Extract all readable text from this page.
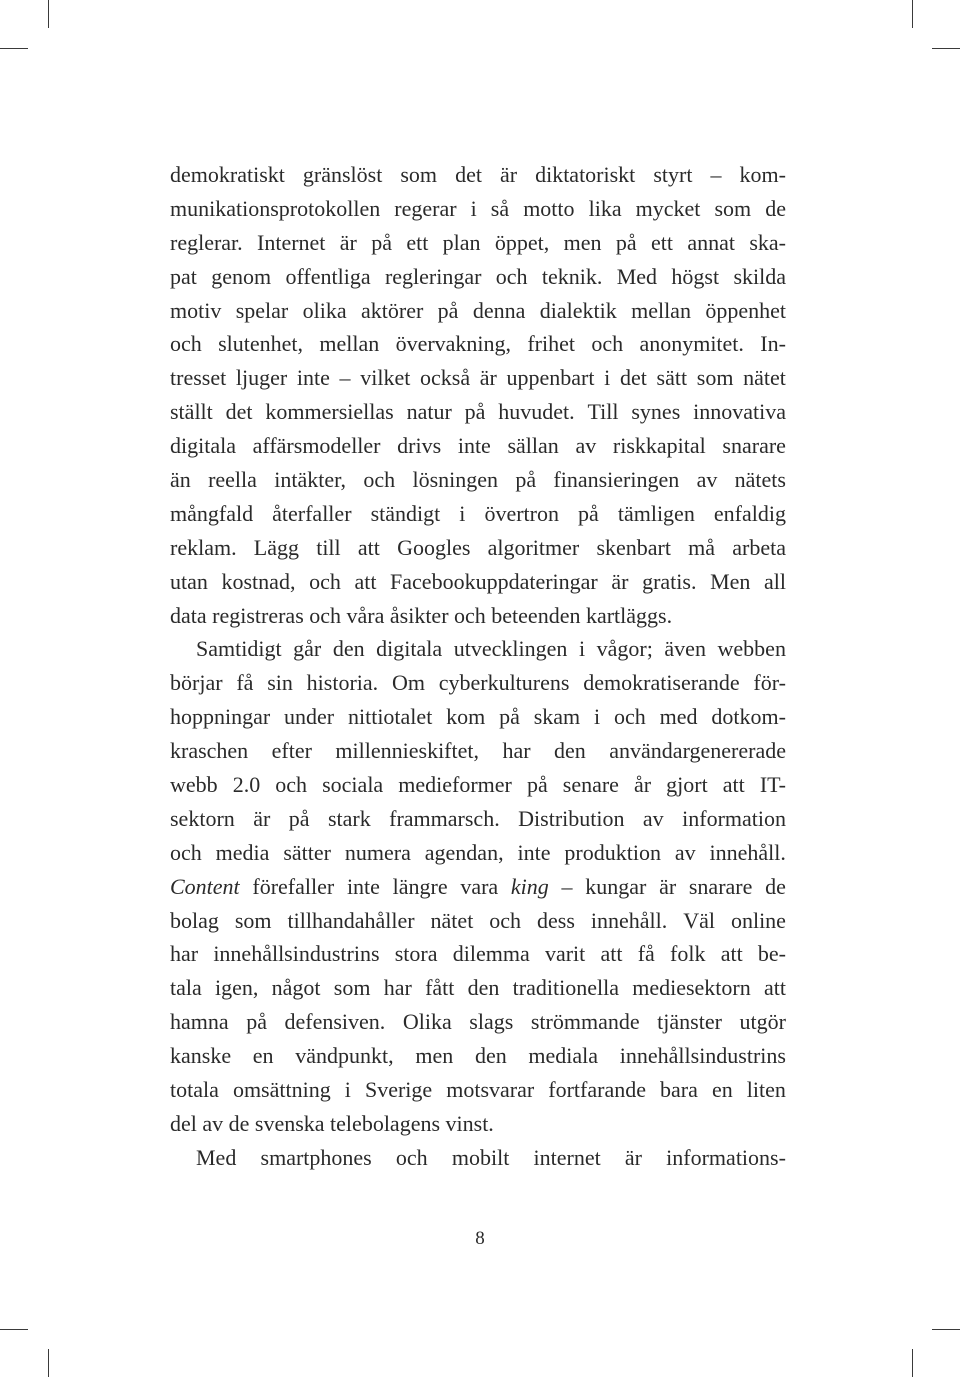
demokratiskt gränslöst som det är diktatoriskt styrt – kom-
munikationsprotokollen regerar i så motto lika mycket som de
reglerar. Internet är på ett plan öppet, men på ett annat ska-
pat genom offentliga regleringar och teknik. Med högst skilda
motiv spelar olika aktörer på denna dialektik mellan öppenhet
och slutenhet, mellan övervakning, frihet och anonymitet. In-
tresset ljuger inte – vilket också är uppenbart i det sätt som nätet
ställt det kommersiellas natur på huvudet. Till synes innovativa
digitala affärsmodeller drivs inte sällan av riskkapital snarare
än reella intäkter, och lösningen på finansieringen av nätets
mångfald återfaller ständigt i övertron på tämligen enfaldig
reklam. Lägg till att Googles algoritmer skenbart må arbeta
utan kostnad, och att Facebookuppdateringar är gratis. Men all
data registreras och våra åsikter och beteenden kartläggs.
Samtidigt går den digitala utvecklingen i vågor; även webben
börjar få sin historia. Om cyberkulturens demokratiserande för-
hoppningar under nittiotalet kom på skam i och med dotkom-
kraschen efter millennieskiftet, har den användargenererade
webb 2.0 och sociala medieformer på senare år gjort att IT-
sektorn är på stark frammarsch. Distribution av information
och media sätter numera agendan, inte produktion av innehåll.
Content förefaller inte längre vara king – kungar är snarare de
bolag som tillhandahåller nätet och dess innehåll. Väl online
har innehållsindustrins stora dilemma varit att få folk att be-
tala igen, något som har fått den traditionella mediesektorn att
hamna på defensiven. Olika slags strömmande tjänster utgör
kanske en vändpunkt, men den mediala innehållsindustrins
totala omsättning i Sverige motsvarar fortfarande bara en liten
del av de svenska telebolagens vinst.
Med smartphones och mobilt internet är informations-
8
